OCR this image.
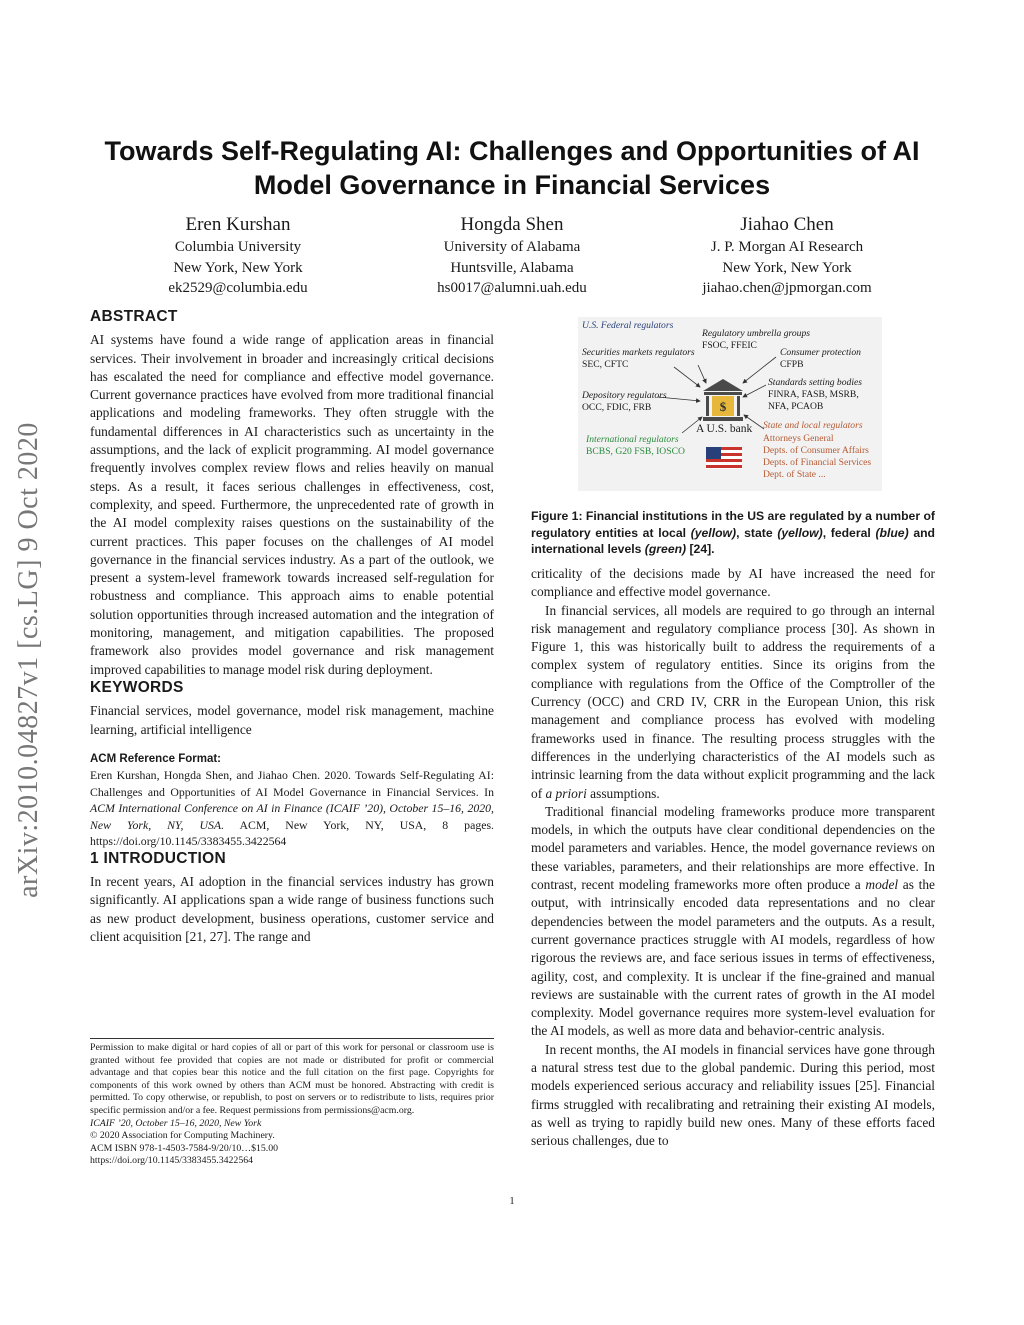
arXiv:2010.04827v1 [cs.LG] 9 Oct 2020
Towards Self-Regulating AI: Challenges and Opportunities of AI Model Governance in Financial Services
Eren Kurshan
Columbia University
New York, New York
ek2529@columbia.edu
Hongda Shen
University of Alabama
Huntsville, Alabama
hs0017@alumni.uah.edu
Jiahao Chen
J. P. Morgan AI Research
New York, New York
jiahao.chen@jpmorgan.com
ABSTRACT

AI systems have found a wide range of application areas in financial services. Their involvement in broader and increasingly critical decisions has escalated the need for compliance and effective model governance. Current governance practices have evolved from more traditional financial applications and modeling frameworks. They often struggle with the fundamental differences in AI characteristics such as uncertainty in the assumptions, and the lack of explicit programming. AI model governance frequently involves complex review flows and relies heavily on manual steps. As a result, it faces serious challenges in effectiveness, cost, complexity, and speed. Furthermore, the unprecedented rate of growth in the AI model complexity raises questions on the sustainability of the current practices. This paper focuses on the challenges of AI model governance in the financial services industry. As a part of the outlook, we present a system-level framework towards increased self-regulation for robustness and compliance. This approach aims to enable potential solution opportunities through increased automation and the integration of monitoring, management, and mitigation capabilities. The proposed framework also provides model governance and risk management improved capabilities to manage model risk during deployment.

KEYWORDS

Financial services, model governance, model risk management, machine learning, artificial intelligence

ACM Reference Format:

Eren Kurshan, Hongda Shen, and Jiahao Chen. 2020. Towards Self-Regulating AI: Challenges and Opportunities of AI Model Governance in Financial Services. In ACM International Conference on AI in Finance (ICAIF ’20), October 15–16, 2020, New York, NY, USA. ACM, New York, NY, USA, 8 pages. https://doi.org/10.1145/3383455.3422564

1 INTRODUCTION

In recent years, AI adoption in the financial services industry has grown significantly. AI applications span a wide range of business functions such as new product development, business operations, customer service and client acquisition [21, 27]. The range and

Permission to make digital or hard copies of all or part of this work for personal or classroom use is granted without fee provided that copies are not made or distributed for profit or commercial advantage and that copies bear this notice and the full citation on the first page. Copyrights for components of this work owned by others than ACM must be honored. Abstracting with credit is permitted. To copy otherwise, or republish, to post on servers or to redistribute to lists, requires prior specific permission and/or a fee. Request permissions from permissions@acm.org.

ICAIF ’20, October 15–16, 2020, New York

© 2020 Association for Computing Machinery.

ACM ISBN 978-1-4503-7584-9/20/10…$15.00

https://doi.org/10.1145/3383455.3422564

$
U.S. Federal regulators
Regulatory umbrella groups
FSOC, FFEIC
Securities markets regulators
SEC, CFTC
Consumer protection
CFPB
Standards setting bodies
FINRA, FASB, MSRB,
NFA, PCAOB
Depository regulators
OCC, FDIC, FRB
A U.S. bank State and local regulators
Attorneys General
Depts. of Consumer Affairs
Depts. of Financial Services
Dept. of State ...
International regulators
BCBS, G20 FSB, IOSCO
Figure 1: Financial institutions in the US are regulated by a number of regulatory entities at local (yellow), state (yellow), federal (blue) and international levels (green) [24].

criticality of the decisions made by AI have increased the need for compliance and effective model governance.

In financial services, all models are required to go through an internal risk management and regulatory compliance process [30]. As shown in Figure 1, this was historically built to address the requirements of a complex system of regulatory entities. Since its origins from the compliance with regulations from the Office of the Comptroller of the Currency (OCC) and CRD IV, CRR in the European Union, this risk management and compliance process has evolved with modeling frameworks used in finance. The resulting process struggles with the differences in the underlying characteristics of the AI models such as intrinsic learning from the data without explicit programming and the lack of a priori assumptions.

Traditional financial modeling frameworks produce more transparent models, in which the outputs have clear conditional dependencies on the model parameters and variables. Hence, the model governance reviews on these variables, parameters, and their relationships are more effective. In contrast, recent modeling frameworks more often produce a model as the output, with intrinsically encoded data representations and no clear dependencies between the model parameters and the outputs. As a result, current governance practices struggle with AI models, regardless of how rigorous the reviews are, and face serious issues in terms of effectiveness, agility, cost, and complexity. It is unclear if the fine-grained and manual reviews are sustainable with the current rates of growth in the AI model complexity. Model governance requires more system-level evaluation for the AI models, as well as more data and behavior-centric analysis.

In recent months, the AI models in financial services have gone through a natural stress test due to the global pandemic. During this period, most models experienced serious accuracy and reliability issues [25]. Financial firms struggled with recalibrating and retraining their existing AI models, as well as trying to rapidly build new ones. Many of these efforts faced serious challenges, due to

1
